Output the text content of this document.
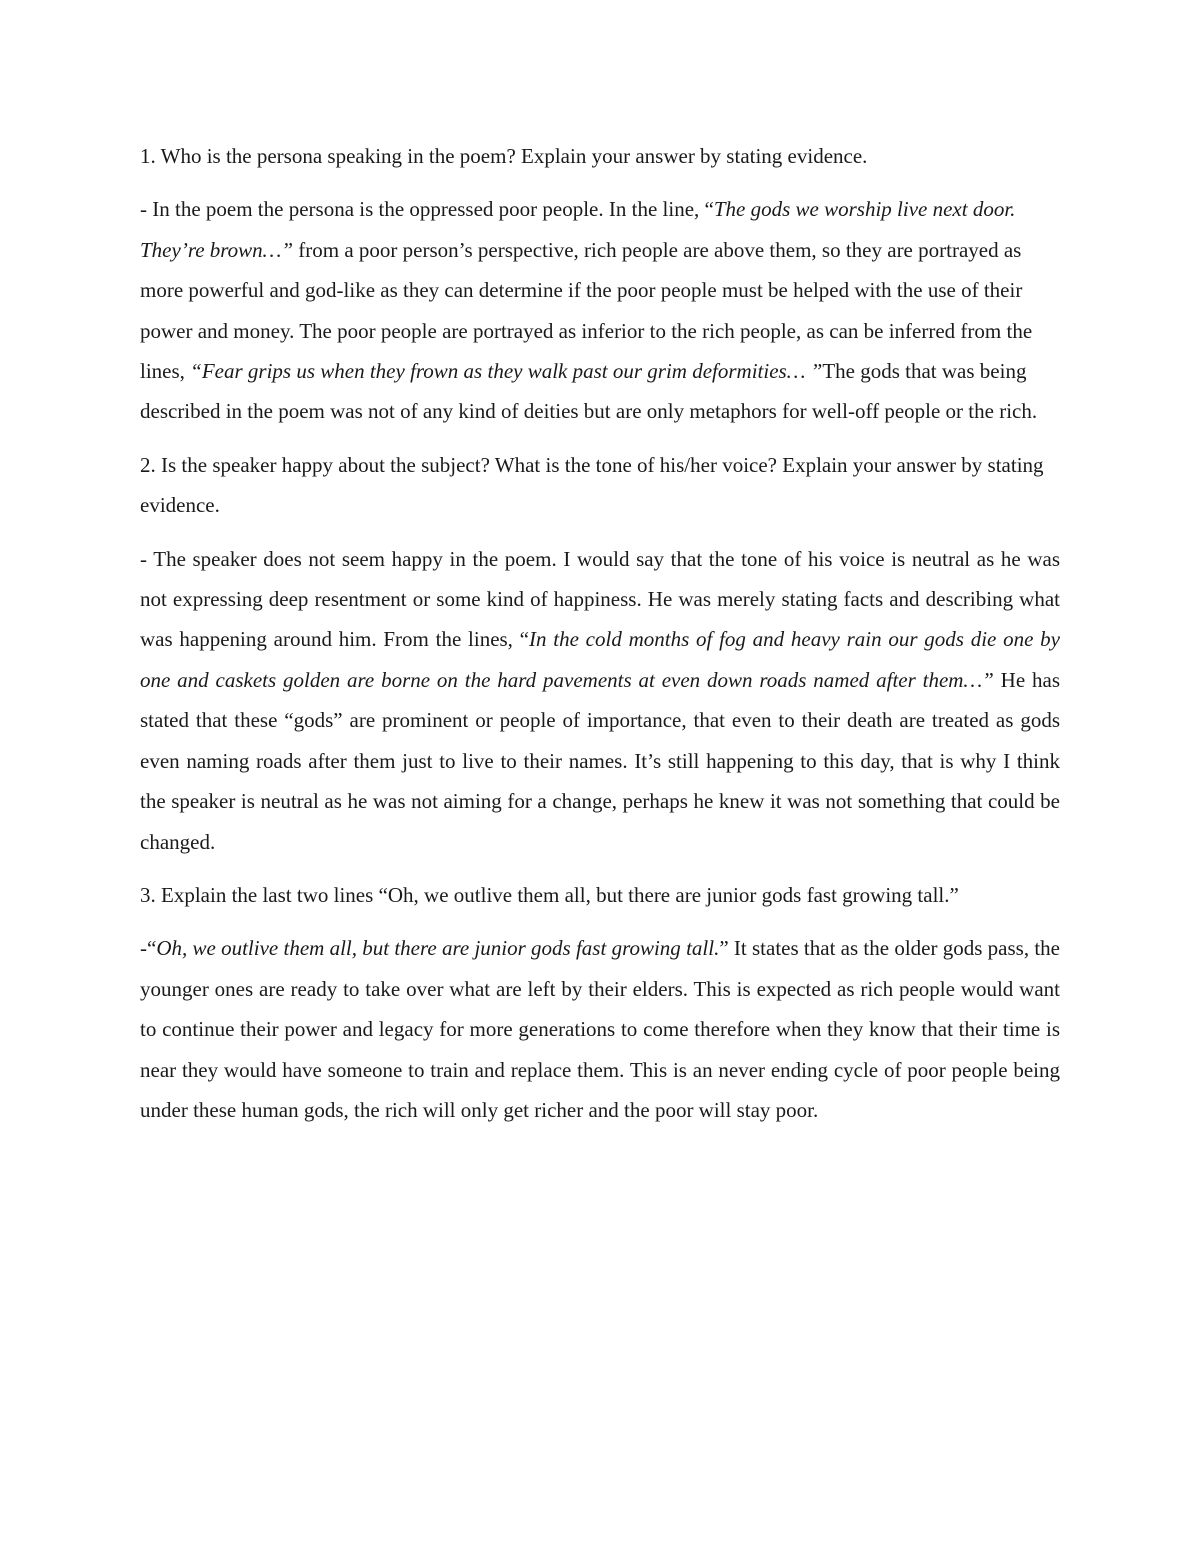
1. Who is the persona speaking in the poem? Explain your answer by stating evidence.

- In the poem the persona is the oppressed poor people. In the line, “The gods we worship live next door. They’re brown…” from a poor person’s perspective, rich people are above them, so they are portrayed as more powerful and god-like as they can determine if the poor people must be helped with the use of their power and money. The poor people are portrayed as inferior to the rich people, as can be inferred from the lines, “Fear grips us when they frown as they walk past our grim deformities… ”The gods that was being described in the poem was not of any kind of deities but are only metaphors for well-off people or the rich.

2. Is the speaker happy about the subject? What is the tone of his/her voice? Explain your answer by stating evidence.

- The speaker does not seem happy in the poem. I would say that the tone of his voice is neutral as he was not expressing deep resentment or some kind of happiness. He was merely stating facts and describing what was happening around him. From the lines, “In the cold months of fog and heavy rain our gods die one by one and caskets golden are borne on the hard pavements at even down roads named after them…” He has stated that these “gods” are prominent or people of importance, that even to their death are treated as gods even naming roads after them just to live to their names. It’s still happening to this day, that is why I think the speaker is neutral as he was not aiming for a change, perhaps he knew it was not something that could be changed.

3. Explain the last two lines “Oh, we outlive them all, but there are junior gods fast growing tall.”

-“Oh, we outlive them all, but there are junior gods fast growing tall.” It states that as the older gods pass, the younger ones are ready to take over what are left by their elders. This is expected as rich people would want to continue their power and legacy for more generations to come therefore when they know that their time is near they would have someone to train and replace them. This is an never ending cycle of poor people being under these human gods, the rich will only get richer and the poor will stay poor.
